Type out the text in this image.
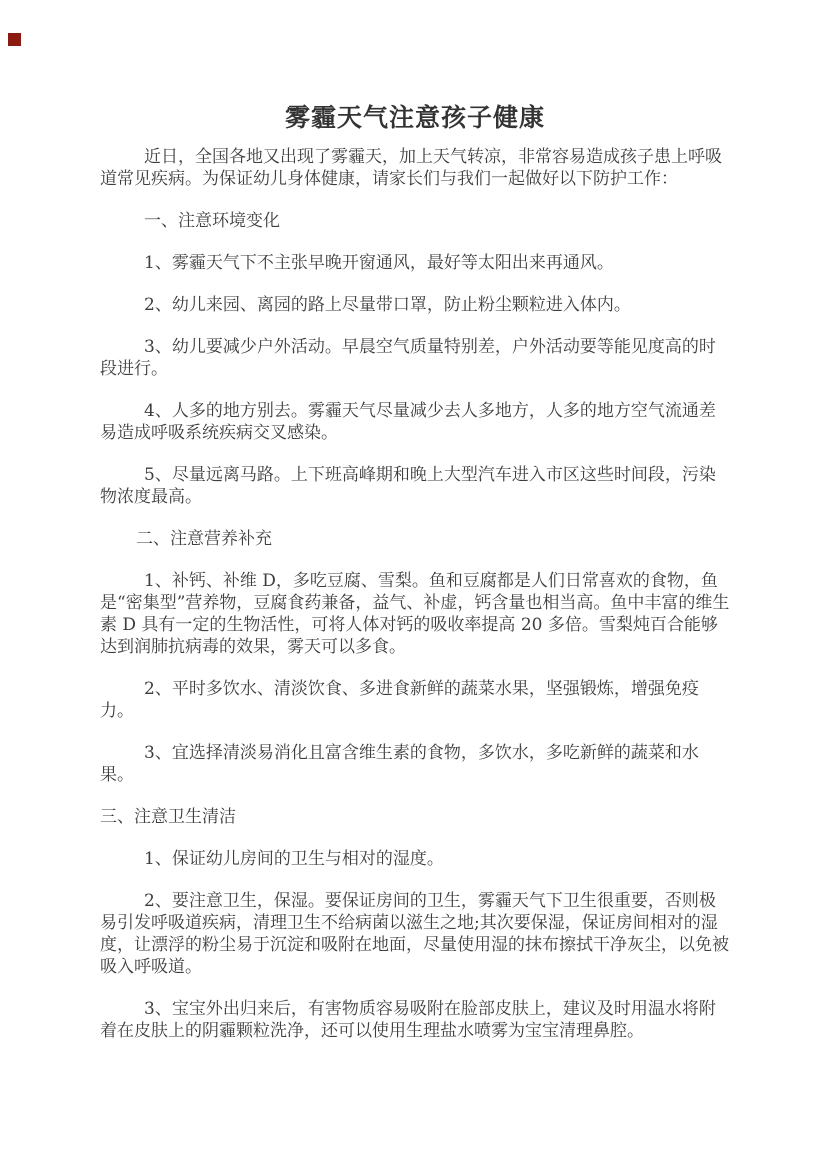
雾霾天气注意孩子健康

近日，全国各地又出现了雾霾天，加上天气转凉，非常容易造成孩子患上呼吸道常见疾病。为保证幼儿身体健康，请家长们与我们一起做好以下防护工作：

一、注意环境变化

1、雾霾天气下不主张早晚开窗通风，最好等太阳出来再通风。

2、幼儿来园、离园的路上尽量带口罩，防止粉尘颗粒进入体内。

3、幼儿要减少户外活动。早晨空气质量特别差，户外活动要等能见度高的时段进行。

4、人多的地方别去。雾霾天气尽量减少去人多地方，人多的地方空气流通差易造成呼吸系统疾病交叉感染。

5、尽量远离马路。上下班高峰期和晚上大型汽车进入市区这些时间段，污染物浓度最高。

二、注意营养补充

1、补钙、补维 D，多吃豆腐、雪梨。鱼和豆腐都是人们日常喜欢的食物，鱼是“密集型”营养物，豆腐食药兼备，益气、补虚，钙含量也相当高。鱼中丰富的维生素 D 具有一定的生物活性，可将人体对钙的吸收率提高 20 多倍。雪梨炖百合能够达到润肺抗病毒的效果，雾天可以多食。

2、平时多饮水、清淡饮食、多进食新鲜的蔬菜水果，坚强锻炼，增强免疫力。

3、宜选择清淡易消化且富含维生素的食物，多饮水，多吃新鲜的蔬菜和水果。

三、注意卫生清洁

1、保证幼儿房间的卫生与相对的湿度。

2、要注意卫生，保湿。要保证房间的卫生，雾霾天气下卫生很重要，否则极易引发呼吸道疾病，清理卫生不给病菌以滋生之地;其次要保湿，保证房间相对的湿度，让漂浮的粉尘易于沉淀和吸附在地面，尽量使用湿的抹布擦拭干净灰尘，以免被吸入呼吸道。

3、宝宝外出归来后，有害物质容易吸附在脸部皮肤上，建议及时用温水将附着在皮肤上的阴霾颗粒洗净，还可以使用生理盐水喷雾为宝宝清理鼻腔。
